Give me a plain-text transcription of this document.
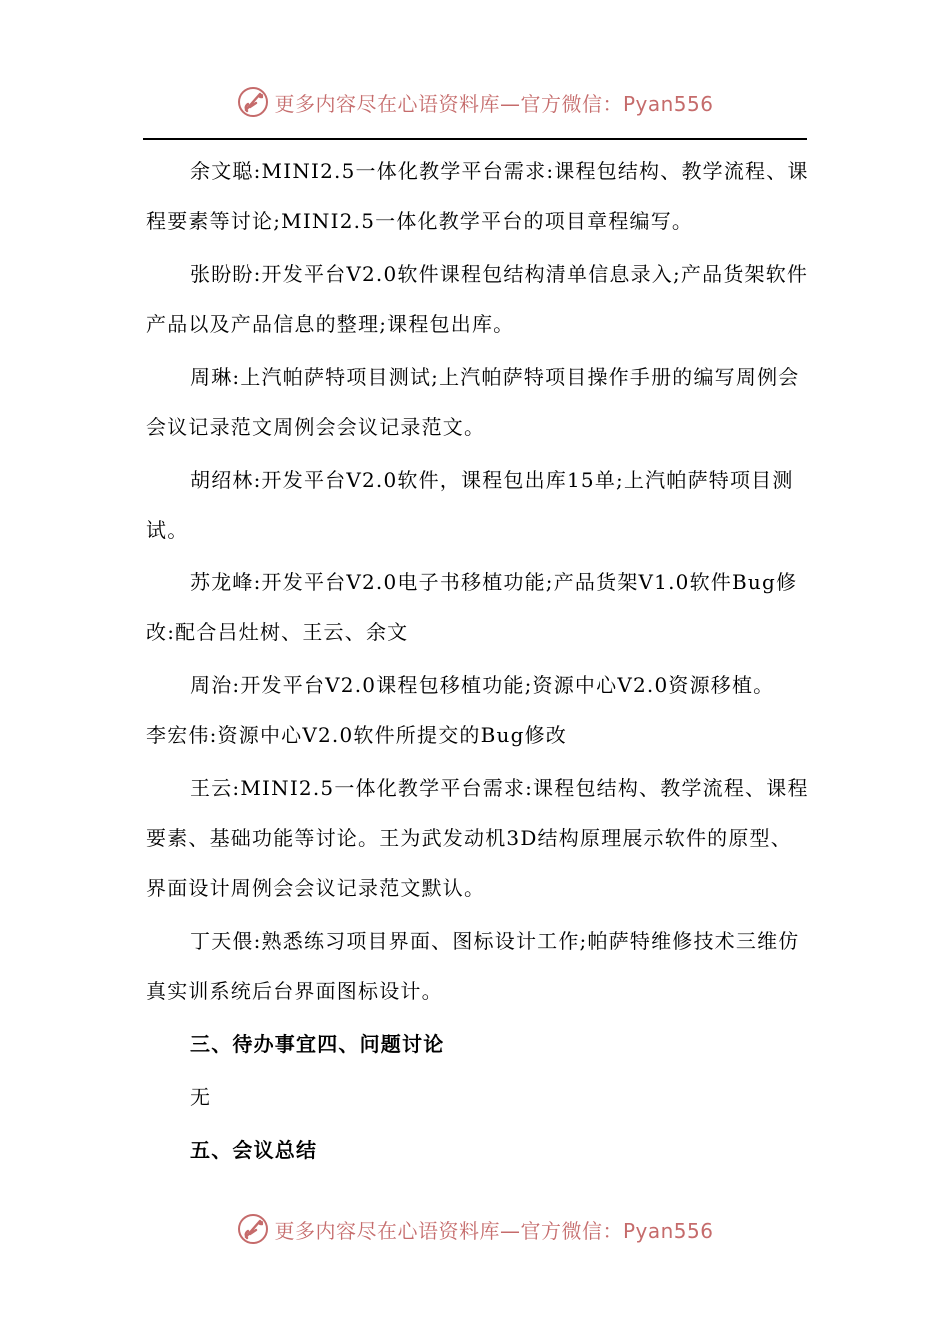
更多内容尽在心语资料库—官方微信：Pyan556

余文聪:MINI2.5一体化教学平台需求:课程包结构、教学流程、课程要素等讨论;MINI2.5一体化教学平台的项目章程编写。

张盼盼:开发平台V2.0软件课程包结构清单信息录入;产品货架软件产品以及产品信息的整理;课程包出库。

周琳:上汽帕萨特项目测试;上汽帕萨特项目操作手册的编写周例会会议记录范文周例会会议记录范文。

胡绍林:开发平台V2.0软件，课程包出库15单;上汽帕萨特项目测试。

苏龙峰:开发平台V2.0电子书移植功能;产品货架V1.0软件Bug修改:配合吕灶树、王云、余文

周治:开发平台V2.0课程包移植功能;资源中心V2.0资源移植。

李宏伟:资源中心V2.0软件所提交的Bug修改

王云:MINI2.5一体化教学平台需求:课程包结构、教学流程、课程要素、基础功能等讨论。王为武发动机3D结构原理展示软件的原型、界面设计周例会会议记录范文默认。

丁天偎:熟悉练习项目界面、图标设计工作;帕萨特维修技术三维仿真实训系统后台界面图标设计。

三、待办事宜四、问题讨论

无

五、会议总结

更多内容尽在心语资料库—官方微信：Pyan556
